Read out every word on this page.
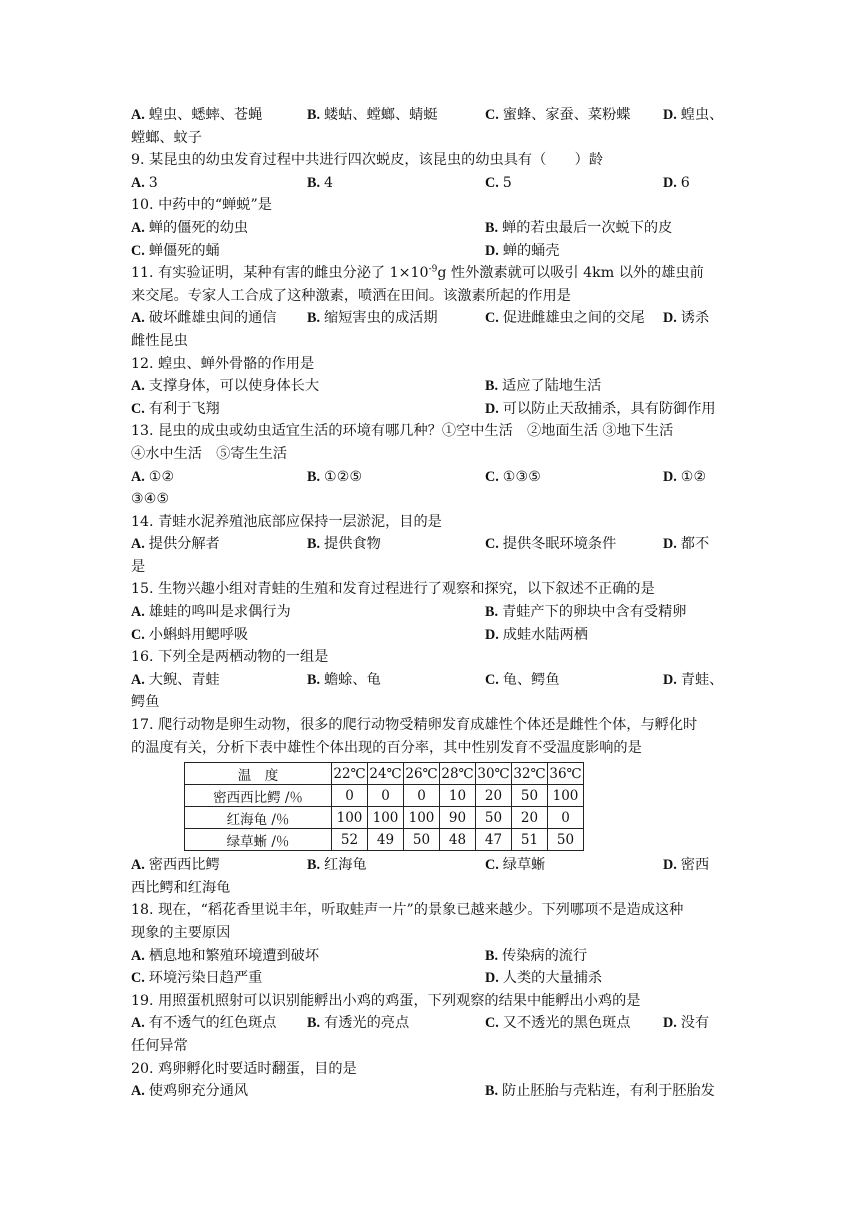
A. 蝗虫、蟋蟀、苍蝇	B. 蝼蛄、螳螂、蜻蜓	C. 蜜蜂、家蚕、菜粉蝶 D. 蝗虫、
螳螂、蚊子
9. 某昆虫的幼虫发育过程中共进行四次蜕皮，该昆虫的幼虫具有（　　）龄
A. 3	B. 4	C. 5	D. 6
10. 中药中的“蝉蜕”是
A. 蝉的僵死的幼虫	B. 蝉的若虫最后一次蜕下的皮
C. 蝉僵死的蛹	D. 蝉的蛹壳
11. 有实验证明，某种有害的雌虫分泌了 $1\times 10^{-9}g$ 性外激素就可以吸引 4km 以外的雄虫前
来交尾。专家人工合成了这种激素，喷洒在田间。该激素所起的作用是
A. 破坏雌雄虫间的通信 B. 缩短害虫的成活期	C. 促进雌雄虫之间的交尾 D. 诱杀
雌性昆虫
12. 蝗虫、蝉外骨骼的作用是
A. 支撑身体，可以使身体长大	B. 适应了陆地生活
C. 有利于飞翔	D. 可以防止天敌捕杀，具有防御作用
13. 昆虫的成虫或幼虫适宜生活的环境有哪几种？①空中生活　②地面生活 ③地下生活
④水中生活　⑤寄生生活
A. ①②	B. ①②⑤	C. ①③⑤	D. ①②
③④⑤
14. 青蛙水泥养殖池底部应保持一层淤泥，目的是
A. 提供分解者	B. 提供食物	C. 提供冬眠环境条件	D. 都不
是
15. 生物兴趣小组对青蛙的生殖和发育过程进行了观察和探究，以下叙述不正确的是
A. 雄蛙的鸣叫是求偶行为	B. 青蛙产下的卵块中含有受精卵
C. 小蝌蚪用鳃呼吸	D. 成蛙水陆两栖
16. 下列全是两栖动物的一组是
A. 大鲵、青蛙	B. 蟾蜍、龟	C. 龟、鳄鱼	D. 青蛙、
鳄鱼
17. 爬行动物是卵生动物，很多的爬行动物受精卵发育成雄性个体还是雌性个体，与孵化时
的温度有关，分析下表中雄性个体出现的百分率，其中性别发育不受温度影响的是
温　度	22℃	24℃	26℃	28℃	30℃	32℃	36℃
密西西比鳄 /％	0	0	0	10	20	50	100
红海龟 /％	100	100	100	90	50	20	0
绿草蜥 /％	52	49	50	48	47	51	50
A. 密西西比鳄	B. 红海龟	C. 绿草蜥	D. 密西
西比鳄和红海龟
18. 现在，“稻花香里说丰年，听取蛙声一片”的景象已越来越少。下列哪项不是造成这种
现象的主要原因
A. 栖息地和繁殖环境遭到破坏	B. 传染病的流行
C. 环境污染日趋严重	D. 人类的大量捕杀
19. 用照蛋机照射可以识别能孵出小鸡的鸡蛋，下列观察的结果中能孵出小鸡的是
A. 有不透气的红色斑点 B. 有透光的亮点	C. 又不透光的黑色斑点 D. 没有
任何异常
20. 鸡卵孵化时要适时翻蛋，目的是
A. 使鸡卵充分通风	B. 防止胚胎与壳粘连，有利于胚胎发
